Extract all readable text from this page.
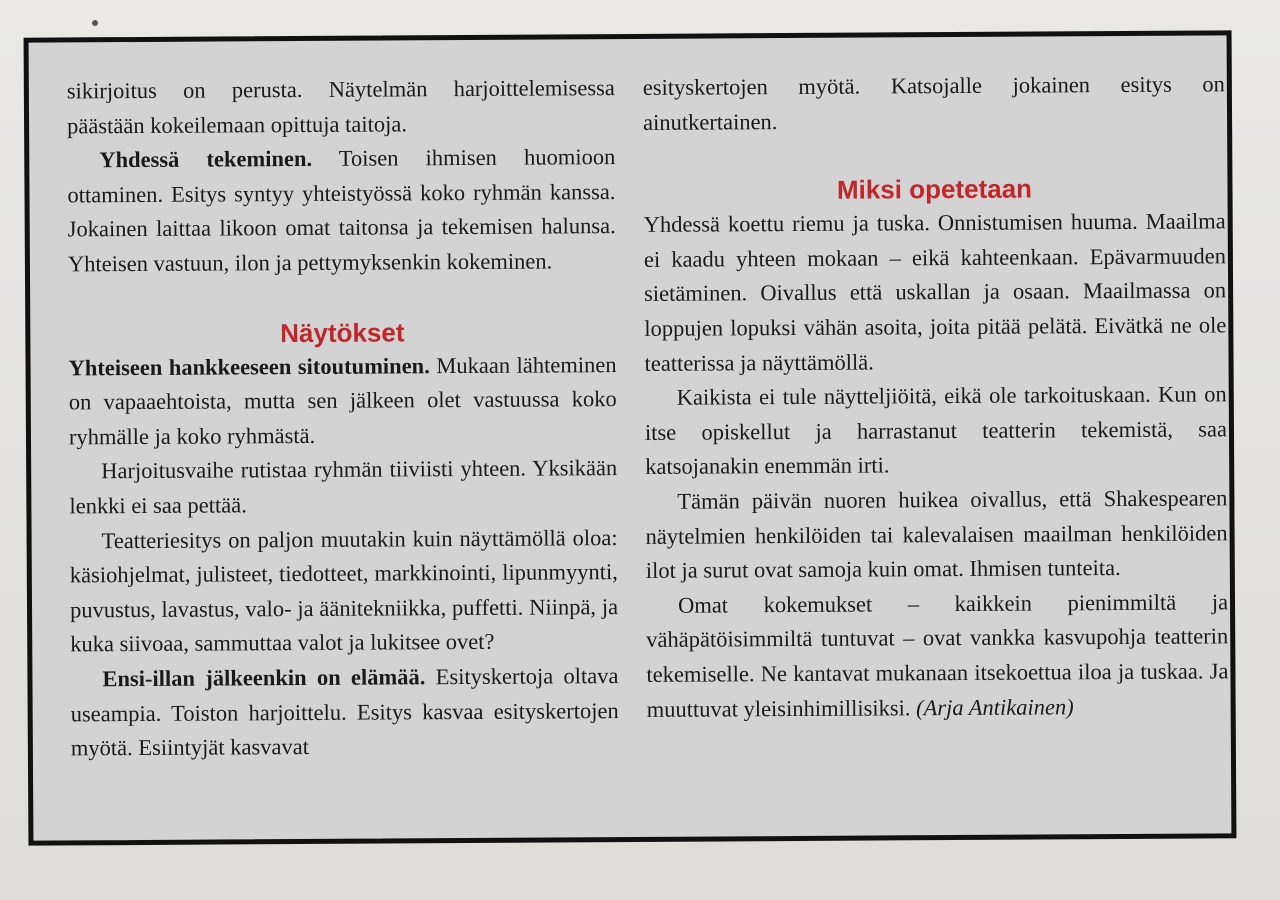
sikirjoitus on perusta. Näytelmän harjoittelemisessa päästään kokeilemaan opittuja taitoja.

Yhdessä tekeminen. Toisen ihmisen huomioon ottaminen. Esitys syntyy yhteistyössä koko ryhmän kanssa. Jokainen laittaa likoon omat taitonsa ja tekemisen halunsa. Yhteisen vastuun, ilon ja pettymyksenkin kokeminen.

Näytökset

Yhteiseen hankkeeseen sitoutuminen. Mukaan lähteminen on vapaaehtoista, mutta sen jälkeen olet vastuussa koko ryhmälle ja koko ryhmästä.

Harjoitusvaihe rutistaa ryhmän tiiviisti yhteen. Yksikään lenkki ei saa pettää.

Teatteriesitys on paljon muutakin kuin näyttämöllä oloa: käsiohjelmat, julisteet, tiedotteet, markkinointi, lipunmyynti, puvustus, lavastus, valo- ja äänitekniikka, puffetti. Niinpä, ja kuka siivoaa, sammuttaa valot ja lukitsee ovet?

Ensi-illan jälkeenkin on elämää. Esityskertoja oltava useampia. Toiston harjoittelu. Esitys kasvaa esityskertojen myötä. Esiintyjät kasvavat

esityskertojen myötä. Katsojalle jokainen esitys on ainutkertainen.

Miksi opetetaan

Yhdessä koettu riemu ja tuska. Onnistumisen huuma. Maailma ei kaadu yhteen mokaan – eikä kahteenkaan. Epävarmuuden sietäminen. Oivallus että uskallan ja osaan. Maailmassa on loppujen lopuksi vähän asoita, joita pitää pelätä. Eivätkä ne ole teatterissa ja näyttämöllä.

Kaikista ei tule näytteljiöitä, eikä ole tarkoituskaan. Kun on itse opiskellut ja harrastanut teatterin tekemistä, saa katsojanakin enemmän irti.

Tämän päivän nuoren huikea oivallus, että Shakespearen näytelmien henkilöiden tai kalevalaisen maailman henkilöiden ilot ja surut ovat samoja kuin omat. Ihmisen tunteita.

Omat kokemukset – kaikkein pienimmiltä ja vähäpätöisimmiltä tuntuvat – ovat vankka kasvupohja teatterin tekemiselle. Ne kantavat mukanaan itsekoettua iloa ja tuskaa. Ja muuttuvat yleisinhimillisiksi. (Arja Antikainen)
